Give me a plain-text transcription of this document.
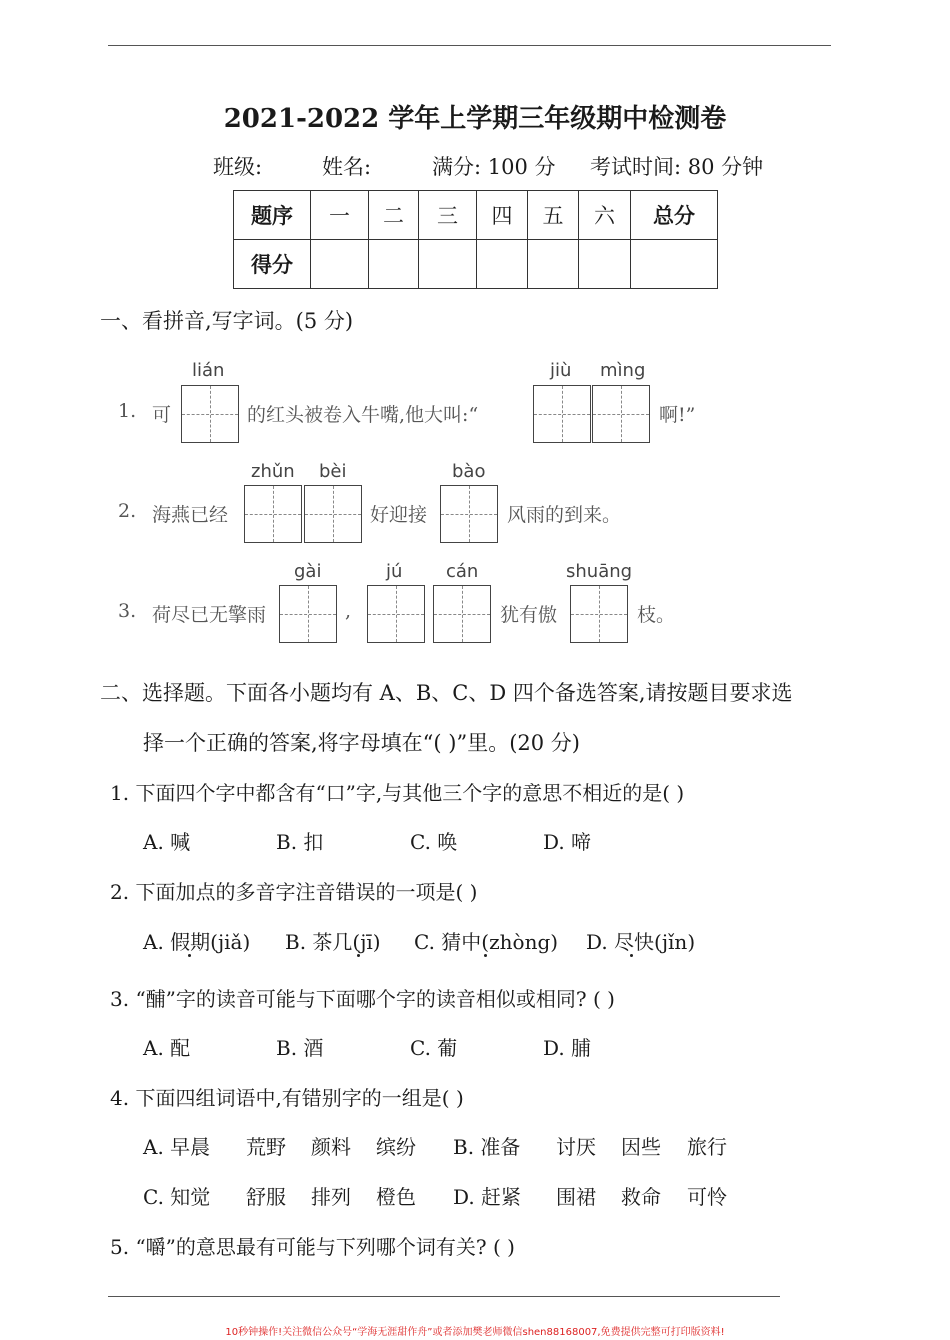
2021-2022 学年上学期三年级期中检测卷
班级:	姓名:	满分: 100 分 考试时间: 80 分钟
题序	一	二	三	四	五	六	总分
得分							
一、看拼音,写字词。(5 分)
1. 可
lián
的红头被卷入牛嘴,他大叫:“
jiù mìng
啊!”
2. 海燕已经
zhǔn bèi
好迎接
bào
风雨的到来。
3. 荷尽已无擎雨
gài
,
jú cán
犹有傲
shuāng
枝。
二、选择题。下面各小题均有 A、B、C、D 四个备选答案,请按题目要求选
择一个正确的答案,将字母填在“( )”里。(20 分)
1. 下面四个字中都含有“口”字,与其他三个字的意思不相近的是( )
A. 喊	B. 扣	C. 唤	D. 啼
2. 下面加点的多音字注音错误的一项是( )
A. 假期(jiǎ) B. 茶几(jī) C. 猜中(zhòng) D. 尽快(jǐn)
3. “酺”字的读音可能与下面哪个字的读音相似或相同? ( )
A. 配	B. 酒	C. 葡	D. 脯
4. 下面四组词语中,有错别字的一组是( )
A. 早晨 荒野 颜料 缤纷 B. 准备 讨厌 因些 旅行
C. 知觉 舒服 排列 橙色 D. 赶紧 围裙 救命 可怜
5. “嚼”的意思最有可能与下列哪个词有关? ( )
10秒钟操作!关注微信公众号“学海无涯甜作舟”或者添加樊老师微信shen88168007,免费提供完整可打印版资料!
